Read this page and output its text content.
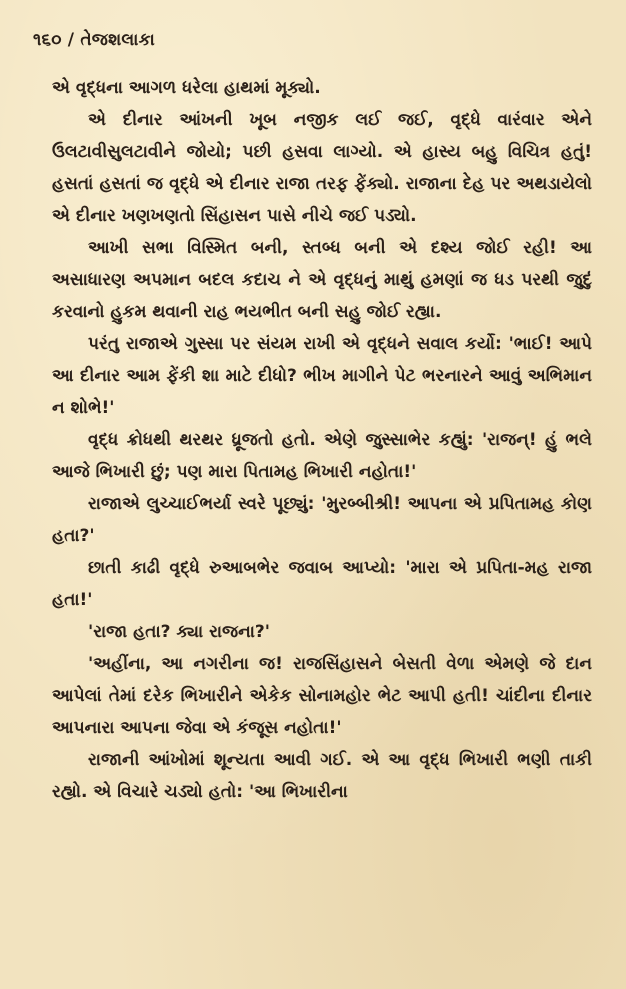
૧૬૦ / તેજશલાકા

એ વૃદ્ધના આગળ ધરેલા હાથમાં મૂક્યો.

એ દીનાર આંખની ખૂબ નજીક લઈ જઈ, વૃદ્ધે વારંવાર એને ઉલટાવીસુલટાવીને જોયો; પછી હસવા લાગ્યો. એ હાસ્ય બહુ વિચિત્ર હતું! હસતાં હસતાં જ વૃદ્ધે એ દીનાર રાજા તરફ ફેંક્યો. રાજાના દેહ પર અથડાયેલો એ દીનાર ખણખણતો સિંહાસન પાસે નીચે જઈ પડ્યો.

આખી સભા વિસ્મિત બની, સ્તબ્ધ બની એ દશ્ય જોઈ રહી! આ અસાધારણ અપમાન બદલ કદાચ ને એ વૃદ્ધનું માથું હમણાં જ ધડ પરથી જુદું કરવાનો હુકમ થવાની રાહ ભયભીત બની સહુ જોઈ રહ્યા.

પરંતુ રાજાએ ગુસ્સા પર સંયમ રાખી એ વૃદ્ધને સવાલ કર્યો: 'ભાઈ! આપે આ દીનાર આમ ફેંકી શા માટે દીધો? ભીખ માગીને પેટ ભરનારને આવું અભિમાન ન શોભે!'

વૃદ્ધ ક્રોધથી થરથર ધ્રૂજતો હતો. એણે જુસ્સાભેર કહ્યું: 'રાજન્! હું ભલે આજે ભિખારી છું; પણ મારા પિતામહ ભિખારી નહોતા!'

રાજાએ લુચ્ચાઈભર્યા સ્વરે પૂછ્યું: 'મુરબ્બીશ્રી! આપના એ પ્રપિતામહ કોણ હતા?'

છાતી કાઢી વૃદ્ધે રુઆબભેર જવાબ આપ્યો: 'મારા એ પ્રપિતા-મહ રાજા હતા!'

'રાજા હતા? ક્યા રાજના?'

'અહીંના, આ નગરીના જ! રાજસિંહાસને બેસતી વેળા એમણે જે દાન આપેલાં તેમાં દરેક ભિખારીને એકેક સોનામહોર ભેટ આપી હતી! ચાંદીના દીનાર આપનારા આપના જેવા એ કંજૂસ નહોતા!'

રાજાની આંખોમાં શૂન્યતા આવી ગઈ. એ આ વૃદ્ધ ભિખારી ભણી તાકી રહ્યો. એ વિચારે ચડ્યો હતો: 'આ ભિખારીના
